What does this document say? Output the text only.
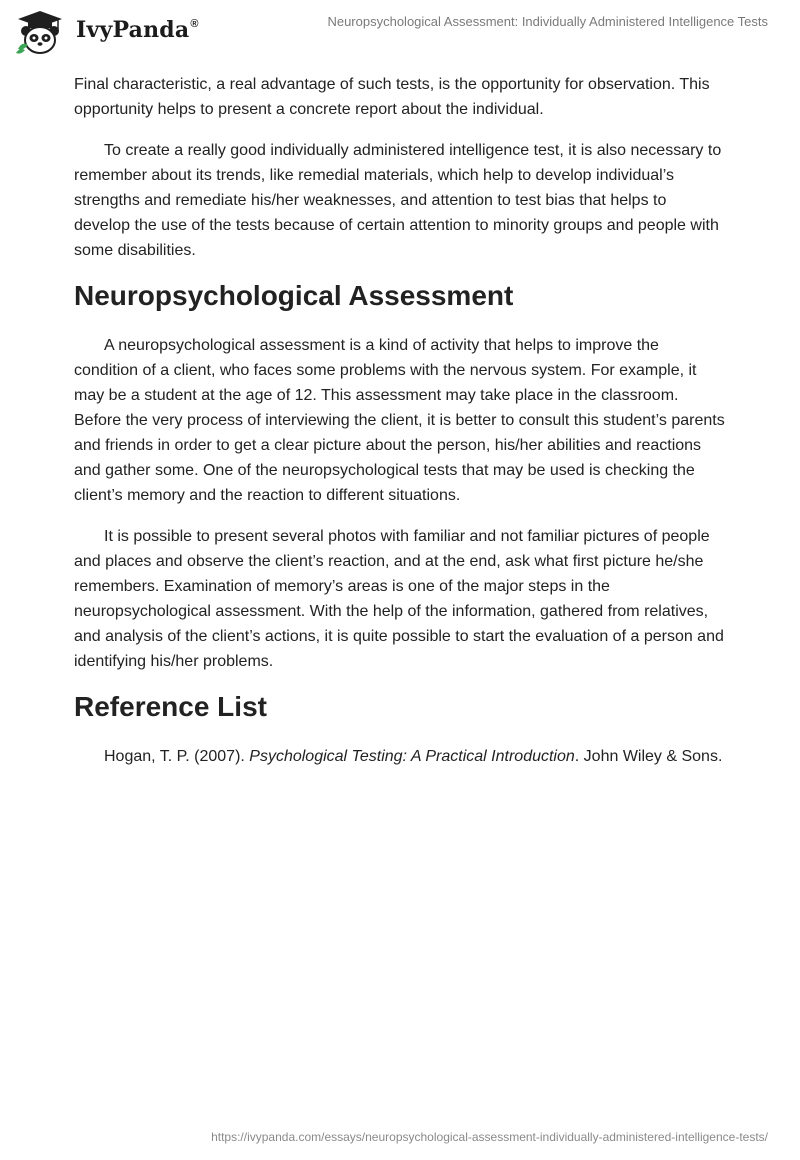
IvyPanda®	Neuropsychological Assessment: Individually Administered Intelligence Tests

Final characteristic, a real advantage of such tests, is the opportunity for observation. This opportunity helps to present a concrete report about the individual.

To create a really good individually administered intelligence test, it is also necessary to remember about its trends, like remedial materials, which help to develop individual’s strengths and remediate his/her weaknesses, and attention to test bias that helps to develop the use of the tests because of certain attention to minority groups and people with some disabilities.

Neuropsychological Assessment

A neuropsychological assessment is a kind of activity that helps to improve the condition of a client, who faces some problems with the nervous system. For example, it may be a student at the age of 12. This assessment may take place in the classroom. Before the very process of interviewing the client, it is better to consult this student’s parents and friends in order to get a clear picture about the person, his/her abilities and reactions and gather some. One of the neuropsychological tests that may be used is checking the client’s memory and the reaction to different situations.

It is possible to present several photos with familiar and not familiar pictures of people and places and observe the client’s reaction, and at the end, ask what first picture he/she remembers. Examination of memory’s areas is one of the major steps in the neuropsychological assessment. With the help of the information, gathered from relatives, and analysis of the client’s actions, it is quite possible to start the evaluation of a person and identifying his/her problems.

Reference List

Hogan, T. P. (2007). Psychological Testing: A Practical Introduction. John Wiley & Sons.

https://ivypanda.com/essays/neuropsychological-assessment-individually-administered-intelligence-tests/
